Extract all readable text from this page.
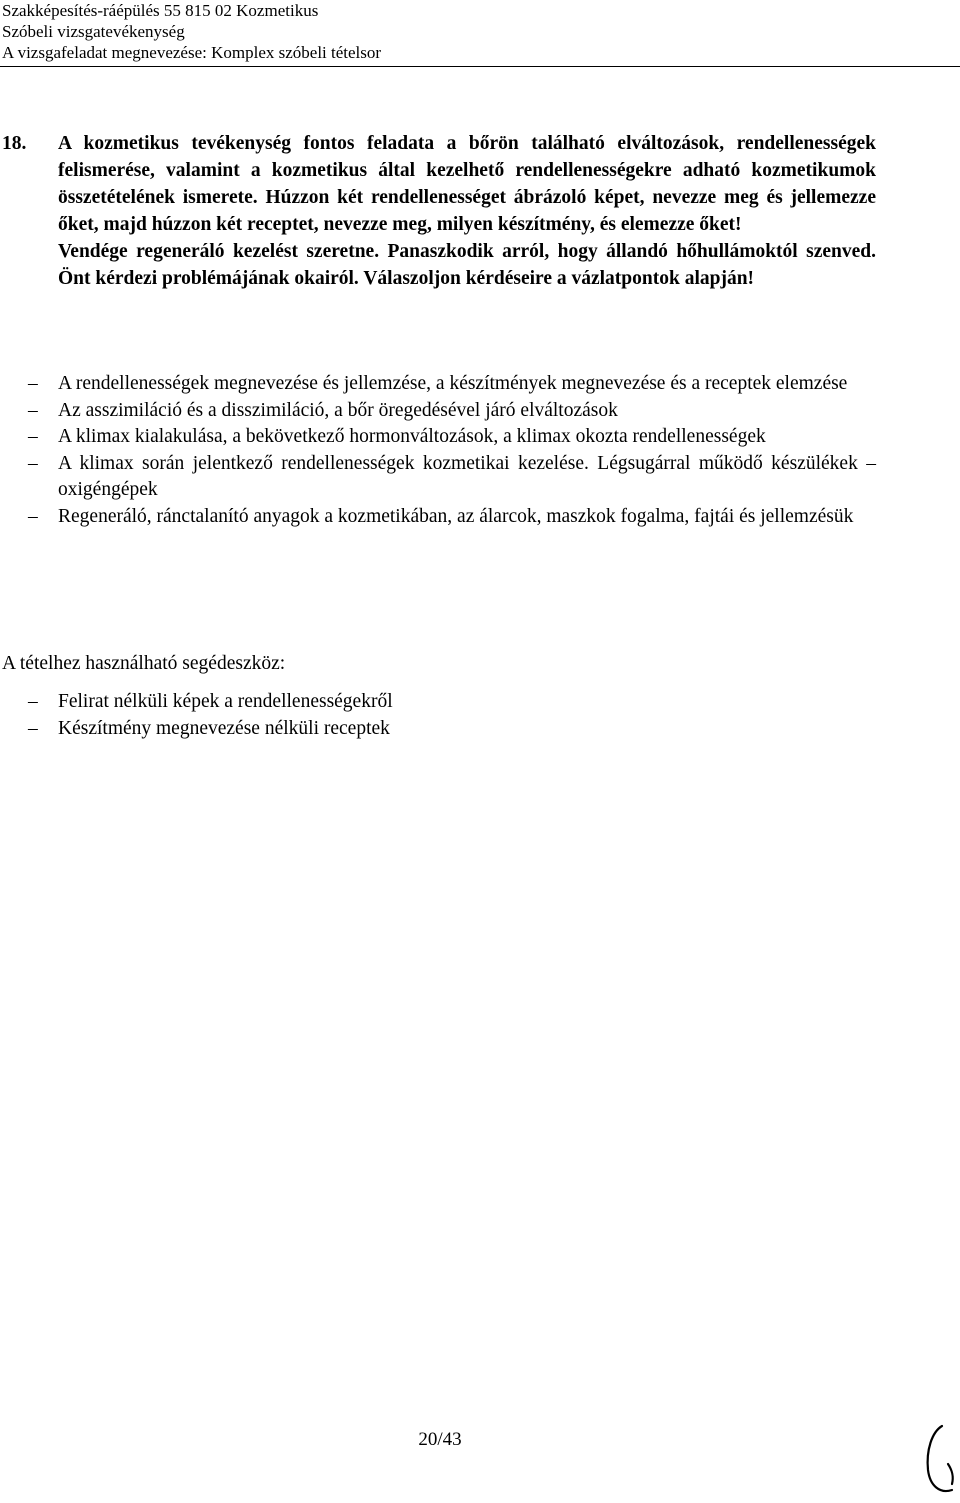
Szakképesítés-ráépülés 55 815 02 Kozmetikus
Szóbeli vizsgatevékenység
A vizsgafeladat megnevezése: Komplex szóbeli tételsor
18. A kozmetikus tevékenység fontos feladata a bőrön található elváltozások, rendellenességek felismerése, valamint a kozmetikus által kezelhető rendellenességekre adható kozmetikumok összetételének ismerete. Húzzon két rendellenességet ábrázoló képet, nevezze meg és jellemezze őket, majd húzzon két receptet, nevezze meg, milyen készítmény, és elemezze őket!

Vendége regeneráló kezelést szeretne. Panaszkodik arról, hogy állandó hőhullámoktól szenved. Önt kérdezi problémájának okairól. Válaszoljon kérdéseire a vázlatpontok alapján!

– A rendellenességek megnevezése és jellemzése, a készítmények megnevezése és a receptek elemzése
– Az asszimiláció és a disszimiláció, a bőr öregedésével járó elváltozások
– A klimax kialakulása, a bekövetkező hormonváltozások, a klimax okozta rendellenességek
– A klimax során jelentkező rendellenességek kozmetikai kezelése. Légsugárral működő készülékek – oxigéngépek
– Regeneráló, ránctalanító anyagok a kozmetikában, az álarcok, maszkok fogalma, fajtái és jellemzésük
A tételhez használható segédeszköz:
– Felirat nélküli képek a rendellenességekről
– Készítmény megnevezése nélküli receptek
20/43
